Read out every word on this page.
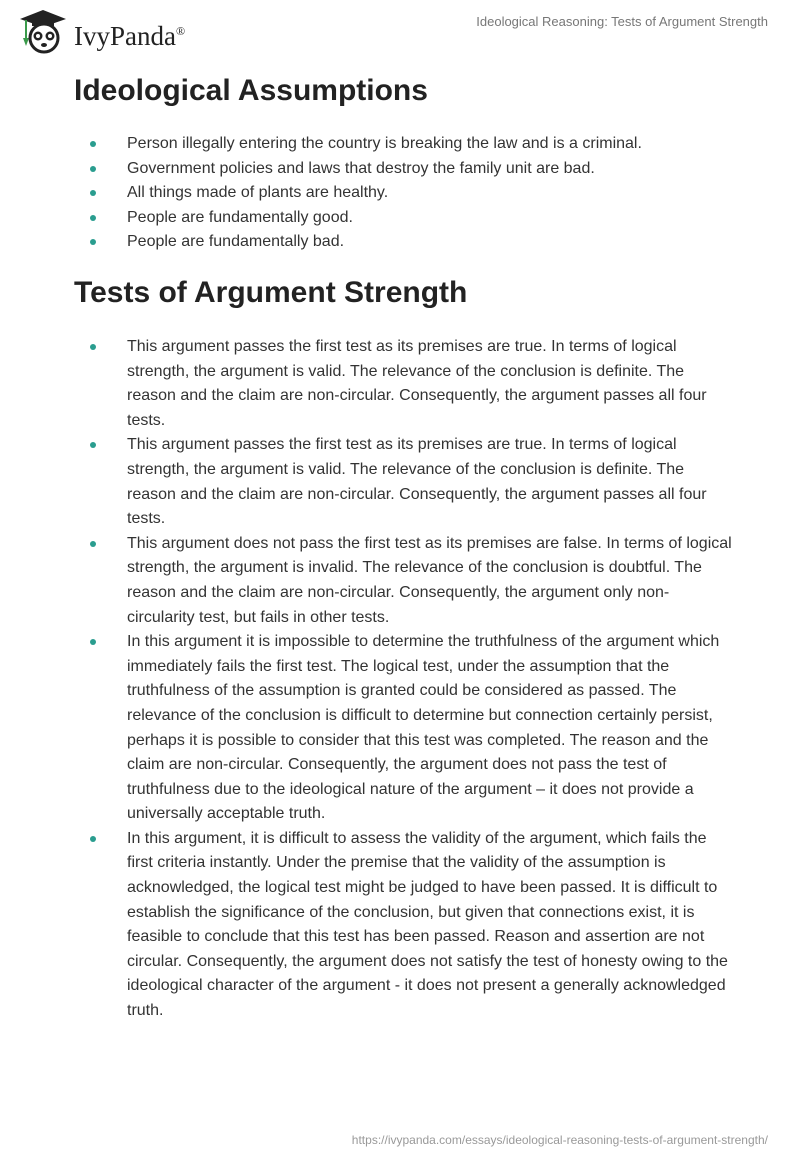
IvyPanda®
Ideological Reasoning: Tests of Argument Strength
Ideological Assumptions
Person illegally entering the country is breaking the law and is a criminal.
Government policies and laws that destroy the family unit are bad.
All things made of plants are healthy.
People are fundamentally good.
People are fundamentally bad.
Tests of Argument Strength
This argument passes the first test as its premises are true. In terms of logical strength, the argument is valid. The relevance of the conclusion is definite. The reason and the claim are non-circular. Consequently, the argument passes all four tests.
This argument passes the first test as its premises are true. In terms of logical strength, the argument is valid. The relevance of the conclusion is definite. The reason and the claim are non-circular. Consequently, the argument passes all four tests.
This argument does not pass the first test as its premises are false. In terms of logical strength, the argument is invalid. The relevance of the conclusion is doubtful. The reason and the claim are non-circular. Consequently, the argument only non-circularity test, but fails in other tests.
In this argument it is impossible to determine the truthfulness of the argument which immediately fails the first test. The logical test, under the assumption that the truthfulness of the assumption is granted could be considered as passed. The relevance of the conclusion is difficult to determine but connection certainly persist, perhaps it is possible to consider that this test was completed. The reason and the claim are non-circular. Consequently, the argument does not pass the test of truthfulness due to the ideological nature of the argument – it does not provide a universally acceptable truth.
In this argument, it is difficult to assess the validity of the argument, which fails the first criteria instantly. Under the premise that the validity of the assumption is acknowledged, the logical test might be judged to have been passed. It is difficult to establish the significance of the conclusion, but given that connections exist, it is feasible to conclude that this test has been passed. Reason and assertion are not circular. Consequently, the argument does not satisfy the test of honesty owing to the ideological character of the argument - it does not present a generally acknowledged truth.
https://ivypanda.com/essays/ideological-reasoning-tests-of-argument-strength/
